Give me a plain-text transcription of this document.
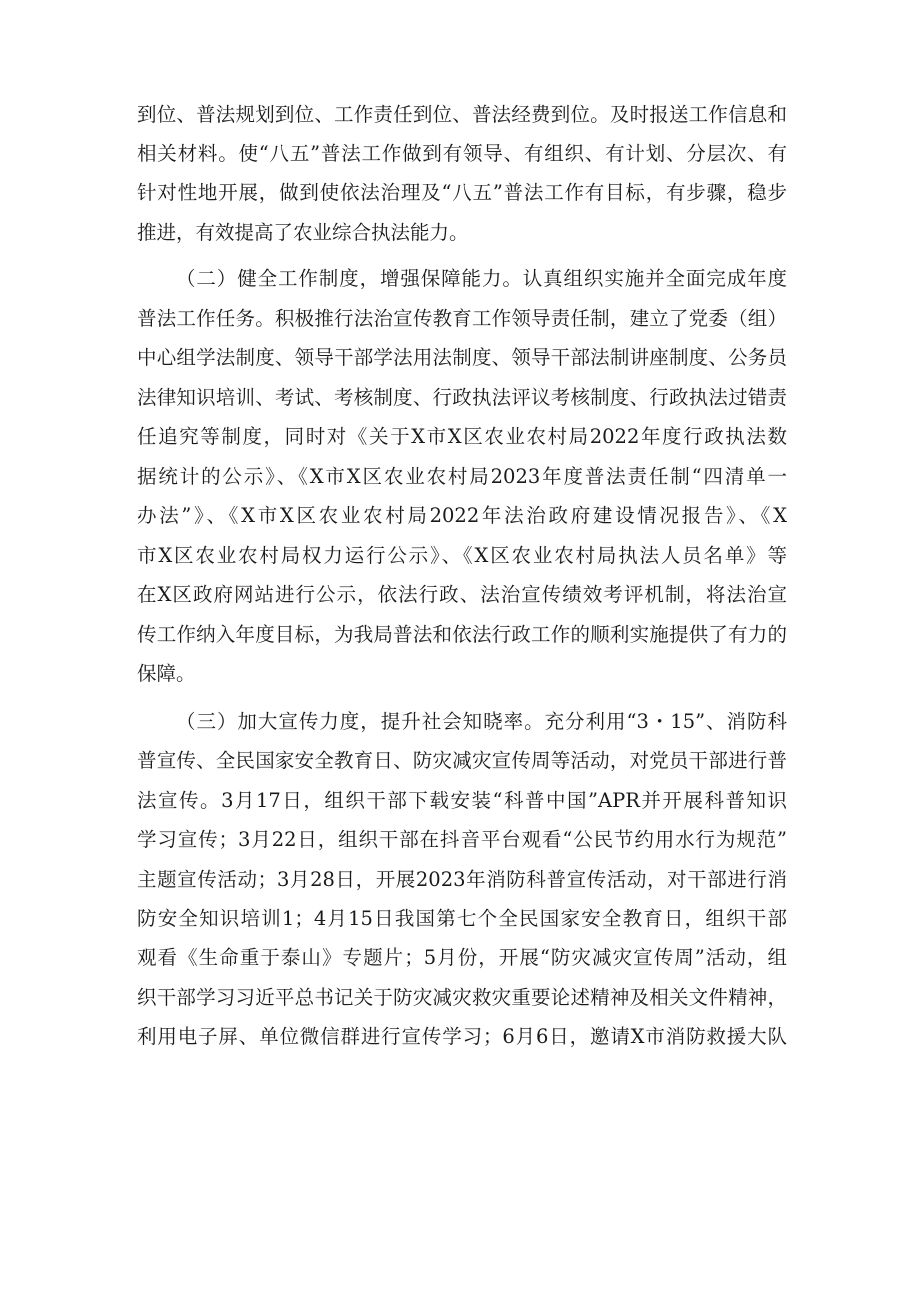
到位、普法规划到位、工作责任到位、普法经费到位。及时报送工作信息和
相关材料。使“八五”普法工作做到有领导、有组织、有计划、分层次、有
针对性地开展，做到使依法治理及“八五”普法工作有目标，有步骤，稳步
推进，有效提高了农业综合执法能力。
（二）健全工作制度，增强保障能力。认真组织实施并全面完成年度
普法工作任务。积极推行法治宣传教育工作领导责任制，建立了党委（组）
中心组学法制度、领导干部学法用法制度、领导干部法制讲座制度、公务员
法律知识培训、考试、考核制度、行政执法评议考核制度、行政执法过错责
任追究等制度，同时对《关于X市X区农业农村局2022年度行政执法数
据统计的公示》、《X市X区农业农村局2023年度普法责任制“四清单一
办法”》、《X市X区农业农村局2022年法治政府建设情况报告》、《X
市X区农业农村局权力运行公示》、《X区农业农村局执法人员名单》等
在X区政府网站进行公示，依法行政、法治宣传绩效考评机制，将法治宣
传工作纳入年度目标，为我局普法和依法行政工作的顺利实施提供了有力的
保障。
（三）加大宣传力度，提升社会知晓率。充分利用“3・15”、消防科
普宣传、全民国家安全教育日、防灾减灾宣传周等活动，对党员干部进行普
法宣传。3月17日，组织干部下载安装“科普中国”APR并开展科普知识
学习宣传；3月22日，组织干部在抖音平台观看“公民节约用水行为规范”
主题宣传活动；3月28日，开展2023年消防科普宣传活动，对干部进行消
防安全知识培训1；4月15日我国第七个全民国家安全教育日，组织干部
观看《生命重于泰山》专题片；5月份，开展“防灾减灾宣传周”活动，组
织干部学习习近平总书记关于防灾减灾救灾重要论述精神及相关文件精神，
利用电子屏、单位微信群进行宣传学习；6月6日，邀请X市消防救援大队
